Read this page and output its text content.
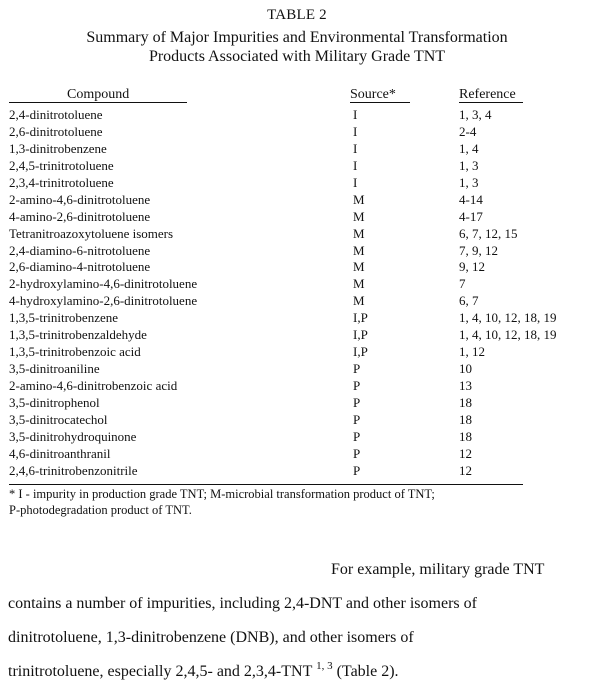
TABLE 2
Summary of Major Impurities and Environmental Transformation
Products Associated with Military Grade TNT
Compound	Source*	Reference
2,4-dinitrotoluene	I	1, 3, 4
2,6-dinitrotoluene	I	2-4
1,3-dinitrobenzene	I	1, 4
2,4,5-trinitrotoluene	I	1, 3
2,3,4-trinitrotoluene	I	1, 3
2-amino-4,6-dinitrotoluene	M	4-14
4-amino-2,6-dinitrotoluene	M	4-17
Tetranitroazoxytoluene isomers	M	6, 7, 12, 15
2,4-diamino-6-nitrotoluene	M	7, 9, 12
2,6-diamino-4-nitrotoluene	M	9, 12
2-hydroxylamino-4,6-dinitrotoluene	M	7
4-hydroxylamino-2,6-dinitrotoluene	M	6, 7
1,3,5-trinitrobenzene	I,P	1, 4, 10, 12, 18, 19
1,3,5-trinitrobenzaldehyde	I,P	1, 4, 10, 12, 18, 19
1,3,5-trinitrobenzoic acid	I,P	1, 12
3,5-dinitroaniline	P	10
2-amino-4,6-dinitrobenzoic acid	P	13
3,5-dinitrophenol	P	18
3,5-dinitrocatechol	P	18
3,5-dinitrohydroquinone	P	18
4,6-dinitroanthranil	P	12
2,4,6-trinitrobenzonitrile	P	12
* I - impurity in production grade TNT; M-microbial transformation product of TNT;
P-photodegradation product of TNT.
For example, military grade TNT
contains a number of impurities, including 2,4-DNT and other isomers of
dinitrotoluene, 1,3-dinitrobenzene (DNB), and other isomers of
trinitrotoluene, especially 2,4,5- and 2,3,4-TNT $^{1, 3}$ (Table 2).
